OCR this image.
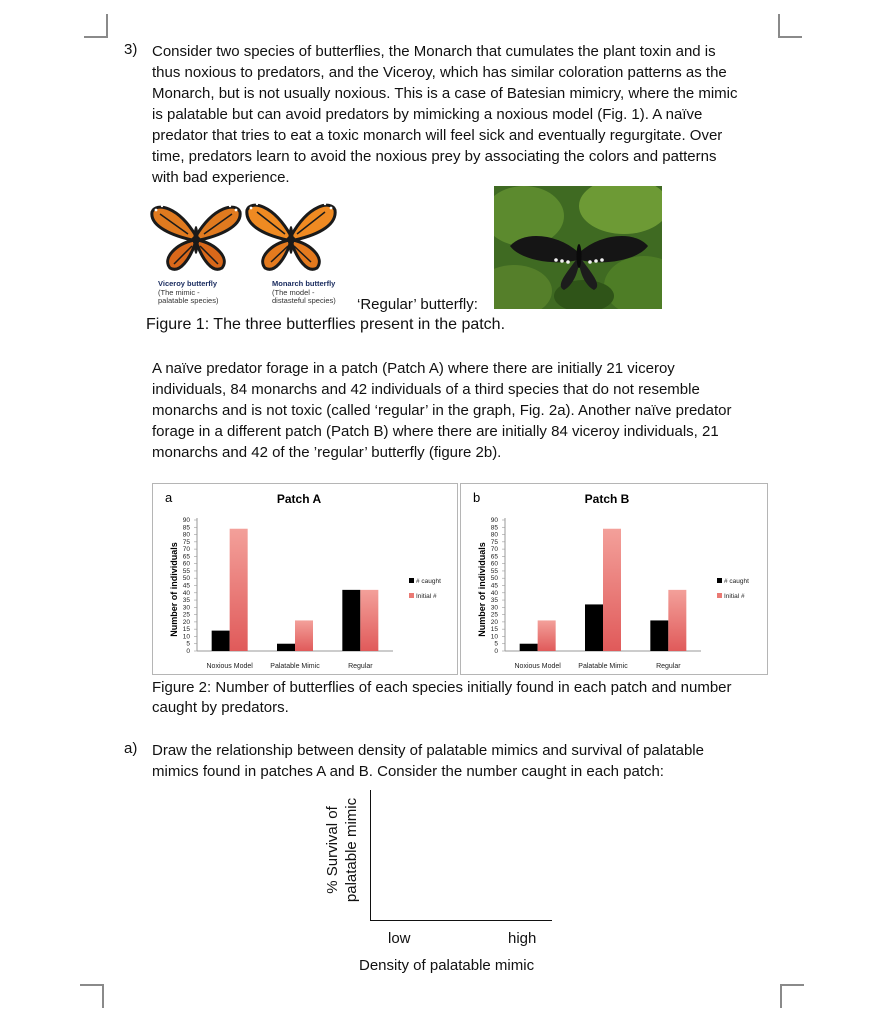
3) Consider two species of butterflies, the Monarch that cumulates the plant toxin and is
thus noxious to predators, and the Viceroy, which has similar coloration patterns as the
Monarch, but is not usually noxious. This is a case of Batesian mimicry, where the mimic
is palatable but can avoid predators by mimicking a noxious model (Fig. 1). A naïve
predator that tries to eat a toxic monarch will feel sick and eventually regurgitate. Over
time, predators learn to avoid the noxious prey by associating the colors and patterns
with bad experience.
Viceroy butterfly
(The mimic -
palatable species)
Monarch butterfly
(The model -
distasteful species) ‘Regular’ butterfly:
Figure 1: The three butterflies present in the patch.
A naïve predator forage in a patch (Patch A) where there are initially 21 viceroy
individuals, 84 monarchs and 42 individuals of a third species that do not resemble
monarchs and is not toxic (called ‘regular’ in the graph, Fig. 2a). Another naïve predator
forage in a different patch (Patch B) where there are initially 84 viceroy individuals, 21
monarchs and 42 of the ’regular’ butterfly (figure 2b).
a	Patch A
0
5
10
15
20
25
30
35
40
45
50
55
60
65
70
75
80
85
90
Number of individuals
Noxious Model Palatable Mimic	Regular
# caught
Initial #
b	Patch B
0
5
10
15
20
25
30
35
40
45
50
55
60
65
70
75
80
85
90
Number of individuals
Noxious Model Palatable Mimic	Regular
# caught
Initial #
Figure 2: Number of butterflies of each species initially found in each patch and number
caught by predators.
a) Draw the relationship between density of palatable mimics and survival of palatable
mimics found in patches A and B. Consider the number caught in each patch:
% Survival of palatable mimic
low	high
Density of palatable mimic
